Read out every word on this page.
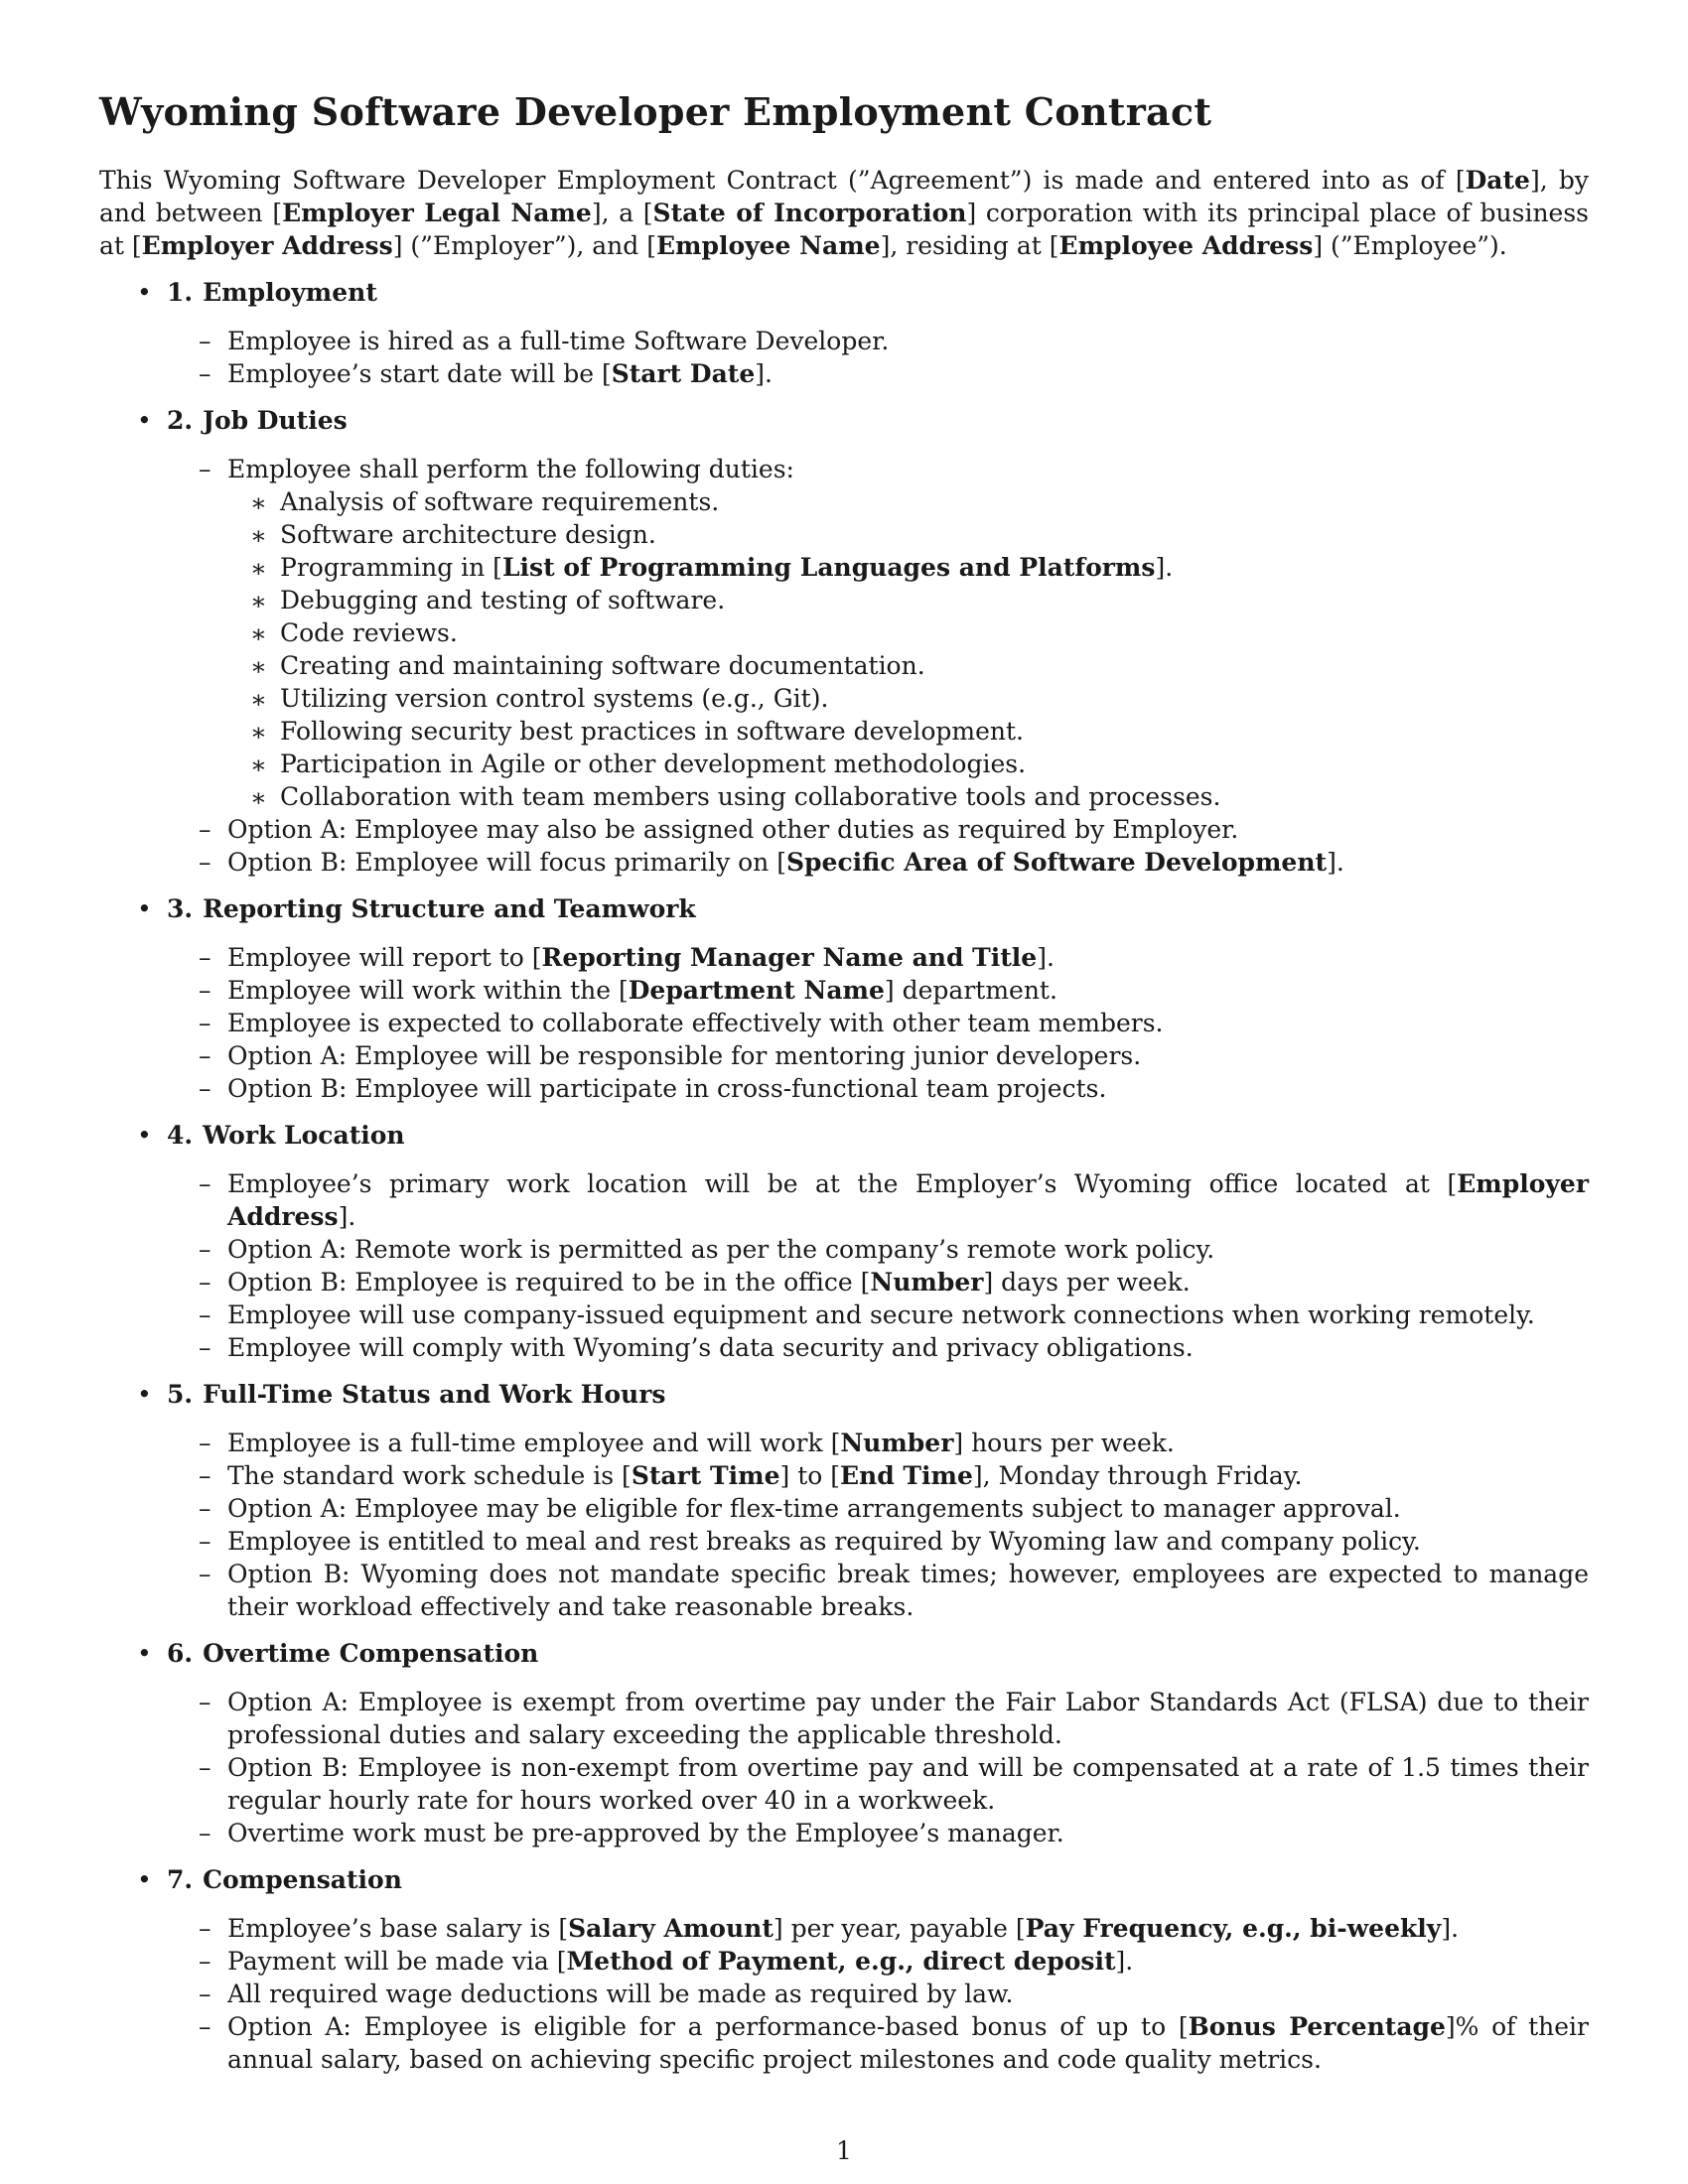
Wyoming Software Developer Employment Contract

This Wyoming Software Developer Employment Contract (”Agreement”) is made and entered into as of [Date], by and between [Employer Legal Name], a [State of Incorporation] corporation with its principal place of business at [Employer Address] (”Employer”), and [Employee Name], residing at [Employee Address] (”Employee”).

• 1. Employment
– Employee is hired as a full-time Software Developer.
– Employee’s start date will be [Start Date].
• 2. Job Duties
– Employee shall perform the following duties:
∗ Analysis of software requirements.
∗ Software architecture design.
∗ Programming in [List of Programming Languages and Platforms].
∗ Debugging and testing of software.
∗ Code reviews.
∗ Creating and maintaining software documentation.
∗ Utilizing version control systems (e.g., Git).
∗ Following security best practices in software development.
∗ Participation in Agile or other development methodologies.
∗ Collaboration with team members using collaborative tools and processes.
– Option A: Employee may also be assigned other duties as required by Employer.
– Option B: Employee will focus primarily on [Specific Area of Software Development].
• 3. Reporting Structure and Teamwork
– Employee will report to [Reporting Manager Name and Title].
– Employee will work within the [Department Name] department.
– Employee is expected to collaborate effectively with other team members.
– Option A: Employee will be responsible for mentoring junior developers.
– Option B: Employee will participate in cross-functional team projects.
• 4. Work Location
– Employee’s primary work location will be at the Employer’s Wyoming office located at [Employer Address].
– Option A: Remote work is permitted as per the company’s remote work policy.
– Option B: Employee is required to be in the office [Number] days per week.
– Employee will use company-issued equipment and secure network connections when working remotely.
– Employee will comply with Wyoming’s data security and privacy obligations.
• 5. Full-Time Status and Work Hours
– Employee is a full-time employee and will work [Number] hours per week.
– The standard work schedule is [Start Time] to [End Time], Monday through Friday.
– Option A: Employee may be eligible for flex-time arrangements subject to manager approval.
– Employee is entitled to meal and rest breaks as required by Wyoming law and company policy.
– Option B: Wyoming does not mandate specific break times; however, employees are expected to manage their workload effectively and take reasonable breaks.
• 6. Overtime Compensation
– Option A: Employee is exempt from overtime pay under the Fair Labor Standards Act (FLSA) due to their professional duties and salary exceeding the applicable threshold.
– Option B: Employee is non-exempt from overtime pay and will be compensated at a rate of 1.5 times their regular hourly rate for hours worked over 40 in a workweek.
– Overtime work must be pre-approved by the Employee’s manager.
• 7. Compensation
– Employee’s base salary is [Salary Amount] per year, payable [Pay Frequency, e.g., bi-weekly].
– Payment will be made via [Method of Payment, e.g., direct deposit].
– All required wage deductions will be made as required by law.
– Option A: Employee is eligible for a performance-based bonus of up to [Bonus Percentage]% of their annual salary, based on achieving specific project milestones and code quality metrics.
1
